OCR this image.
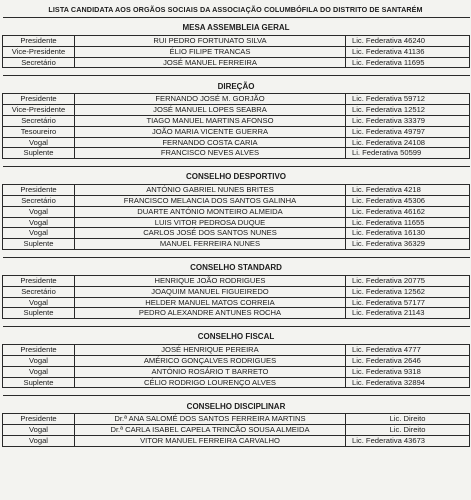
LISTA CANDIDATA AOS ORGÃOS SOCIAIS DA ASSOCIAÇÃO COLUMBÓFILA DO DISTRITO DE SANTARÉM
MESA ASSEMBLEIA GERAL		
Presidente	RUI PEDRO FORTUNATO SILVA	Lic. Federativa 46240
Vice-Presidente	ÉLIO FILIPE TRANCAS	Lic. Federativa 41136
Secretário	JOSÉ MANUEL FERREIRA	Lic. Federativa 11695

DIREÇÃO		
Presidente	FERNANDO JOSÉ M. GORJÃO	Lic. Federativa 59712
Vice-Presidente	JOSÉ MANUEL LOPES SEABRA	Lic. Federativa 12512
Secretário	TIAGO MANUEL MARTINS AFONSO	Lic. Federativa 33379
Tesoureiro	JOÃO MARIA VICENTE GUERRA	Lic. Federativa 49797
Vogal	FERNANDO COSTA CARIA	Lic. Federativa 24108
Suplente	FRANCISCO NEVES ALVES	Li. Federativa 50599

CONSELHO DESPORTIVO		
Presidente	ANTÓNIO GABRIEL NUNES BRITES	Lic. Federativa 4218
Secretário	FRANCISCO MELANCIA DOS SANTOS GALINHA	Lic. Federativa 45306
Vogal	DUARTE ANTÓNIO MONTEIRO ALMEIDA	Lic. Federativa 46162
Vogal	LUIS VITOR PEDROSA DUQUE	Lic. Federativa 11655
Vogal	CARLOS JOSÉ DOS SANTOS NUNES	Lic. Federativa 16130
Suplente	MANUEL FERREIRA NUNES	Lic. Federativa 36329

CONSELHO STANDARD		
Presidente	HENRIQUE JOÃO RODRIGUES	Lic. Federativa 20775
Secretário	JOAQUIM MANUEL FIGUEIREDO	Lic. Federativa 12562
Vogal	HELDER MANUEL MATOS CORREIA	Lic. Federativa 57177
Suplente	PEDRO ALEXANDRE ANTUNES ROCHA	Lic. Federativa 21143

CONSELHO FISCAL		
Presidente	JOSÉ HENRIQUE PEREIRA	Lic. Federativa 4777
Vogal	AMÉRICO GONÇALVES RODRIGUES	Lic. Federativa 2646
Vogal	ANTÓNIO ROSÁRIO T BARRETO	Lic. Federativa 9318
Suplente	CÉLIO RODRIGO LOURENÇO ALVES	Lic. Federativa 32894

CONSELHO DISCIPLINAR		
Presidente	Dr.ª ANA SALOMÉ DOS SANTOS FERREIRA MARTINS	Lic. Direito
Vogal	Dr.ª CARLA ISABEL CAPELA TRINCÃO SOUSA ALMEIDA	Lic. Direito
Vogal	VITOR MANUEL FERREIRA CARVALHO	Lic. Federativa 43673
